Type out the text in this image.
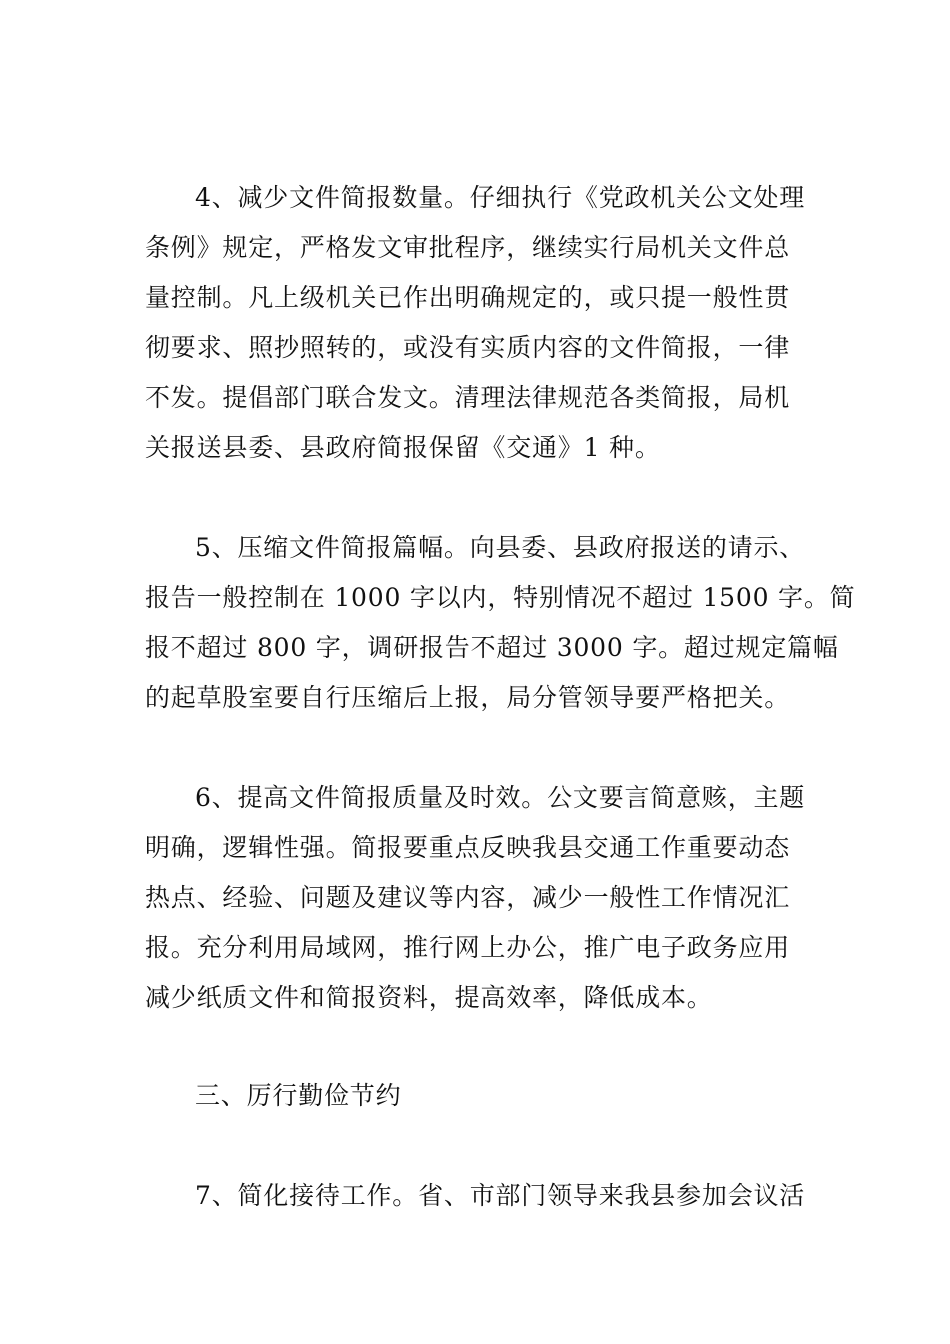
4、减少文件简报数量。仔细执行《党政机关公文处理
条例》规定，严格发文审批程序，继续实行局机关文件总
量控制。凡上级机关已作出明确规定的，或只提一般性贯
彻要求、照抄照转的，或没有实质内容的文件简报，一律
不发。提倡部门联合发文。清理法律规范各类简报，局机
关报送县委、县政府简报保留《交通》1 种。
5、压缩文件简报篇幅。向县委、县政府报送的请示、
报告一般控制在 1000 字以内，特别情况不超过 1500 字。简
报不超过 800 字，调研报告不超过 3000 字。超过规定篇幅
的起草股室要自行压缩后上报，局分管领导要严格把关。
6、提高文件简报质量及时效。公文要言简意赅，主题
明确，逻辑性强。简报要重点反映我县交通工作重要动态
热点、经验、问题及建议等内容，减少一般性工作情况汇
报。充分利用局域网，推行网上办公，推广电子政务应用
减少纸质文件和简报资料，提高效率，降低成本。
三、厉行勤俭节约
7、简化接待工作。省、市部门领导来我县参加会议活
